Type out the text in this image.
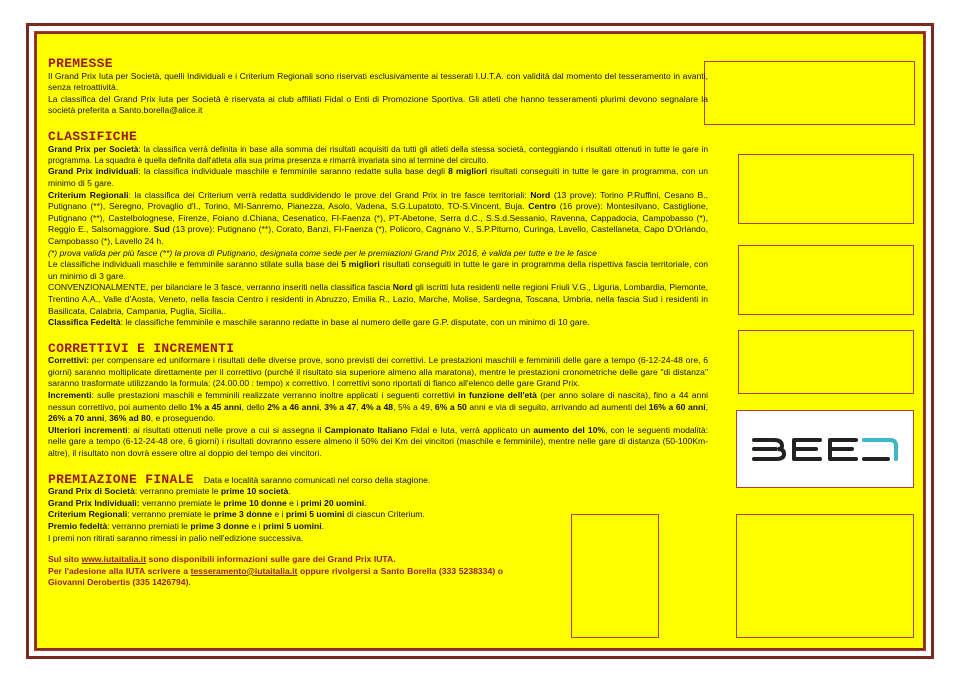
PREMESSE

Il Grand Prix Iuta per Società, quelli Individuali e i Criterium Regionali sono riservati esclusivamente ai tesserati I.U.T.A. con validità dal momento del tesseramento in avanti, senza retroattività.

La classifica del Grand Prix Iuta per Società è riservata ai club affiliati Fidal o Enti di Promozione Sportiva. Gli atleti che hanno tesseramenti plurimi devono segnalare la società preferita a Santo.borella@alice.it

CLASSIFICHE

Grand Prix per Società: la classifica verrà definita in base alla somma dei risultati acquisiti da tutti gli atleti della stessa società, conteggiando i risultati ottenuti in tutte le gare in programma. La squadra è quella definita dall'atleta alla sua prima presenza e rimarrà invariata sino al termine del circuito.

Grand Prix individuali: la classifica individuale maschile e femminile saranno redatte sulla base degli 8 migliori risultati conseguiti in tutte le gare in programma, con un minimo di 5 gare.

Criterium Regionali: la classifica dei Criterium verrà redatta suddividendo le prove del Grand Prix in tre fasce territoriali: Nord (13 prove): Torino P.Ruffini, Cesano B., Putignano (**), Seregno, Provaglio d'I., Torino, MI-Sanremo, Pianezza, Asolo, Vadena, S.G.Lupatoto, TO-S.Vincent, Buja. Centro (16 prove): Montesilvano, Castiglione, Putignano (**), Castelbolognese, Firenze, Foiano d.Chiana, Cesenatico, FI-Faenza (*), PT-Abetone, Serra d.C., S.S.d.Sessanio, Ravenna, Cappadocia, Campobasso (*), Reggio E., Salsomaggiore. Sud (13 prove): Putignano (**), Corato, Banzi, FI-Faenza (*), Policoro, Cagnano V., S.P.Piturno, Curinga, Lavello, Castellaneta, Capo D'Orlando, Campobasso (*), Lavello 24 h.

(*) prova valida per più fasce (**) la prova di Putignano, designata come sede per le premiazioni Grand Prix 2016, è valida per tutte e tre le fasce

Le classifiche individuali maschile e femminile saranno stilate sulla base dei 5 migliori risultati conseguiti in tutte le gare in programma della rispettiva fascia territoriale, con un minimo di 3 gare.

CONVENZIONALMENTE, per bilanciare le 3 fasce, verranno inseriti nella classifica fascia Nord gli iscritti Iuta residenti nelle regioni Friuli V.G., Liguria, Lombardia, Piemonte, Trentino A.A., Valle d'Aosta, Veneto, nella fascia Centro i residenti in Abruzzo, Emilia R., Lazio, Marche, Molise, Sardegna, Toscana, Umbria, nella fascia Sud i residenti in Basilicata, Calabria, Campania, Puglia, Sicilia..

Classifica Fedeltà: le classifiche femminile e maschile saranno redatte in base al numero delle gare G.P. disputate, con un minimo di 10 gare.

CORRETTIVI E INCREMENTI

Correttivi: per compensare ed uniformare i risultati delle diverse prove, sono previsti dei correttivi. Le prestazioni maschili e femminili delle gare a tempo (6-12-24-48 ore, 6 giorni) saranno moltiplicate direttamente per il correttivo (purché il risultato sia superiore almeno alla maratona), mentre le prestazioni cronometriche delle gare "di distanza" saranno trasformate utilizzando la formula: (24.00.00 : tempo) x correttivo. I correttivi sono riportati di fianco all'elenco delle gare Grand Prix.

Incrementi: sulle prestazioni maschili e femminili realizzate verranno inoltre applicati i seguenti correttivi in funzione dell'età (per anno solare di nascita), fino a 44 anni nessun correttivo, poi aumento dello 1% a 45 anni, dello 2% a 46 anni, 3% a 47, 4% a 48, 5% a 49, 6% a 50 anni e via di seguito, arrivando ad aumenti del 16% a 60 anni, 26% a 70 anni, 36% ad 80, e proseguendo.

Ulteriori incrementi: ai risultati ottenuti nelle prove a cui si assegna il Campionato Italiano Fidal e Iuta, verrà applicato un aumento del 10%, con le seguenti modalità: nelle gare a tempo (6-12-24-48 ore, 6 giorni) i risultati dovranno essere almeno il 50% dei Km dei vincitori (maschile e femminile), mentre nelle gare di distanza (50-100Km-altre), il risultato non dovrà essere oltre al doppio del tempo dei vincitori.

PREMIAZIONE FINALE Data e località saranno comunicati nel corso della stagione.

Grand Prix di Società: verranno premiate le prime 10 società.

Grand Prix Individuali: verranno premiate le prime 10 donne e i primi 20 uomini.

Criterium Regionali: verranno premiate le prime 3 donne e i primi 5 uomini di ciascun Criterium.

Premio fedeltà: verranno premiati le prime 3 donne e i primi 5 uomini.

I premi non ritirati saranno rimessi in palio nell'edizione successiva.

Sul sito www.iutaitalia.it sono disponibili informazioni sulle gare dei Grand Prix IUTA.

Per l'adesione alla IUTA scrivere a tesseramento@iutaitalia.it oppure rivolgersi a Santo Borella (333 5238334) o Giovanni Derobertis (335 1426794).
